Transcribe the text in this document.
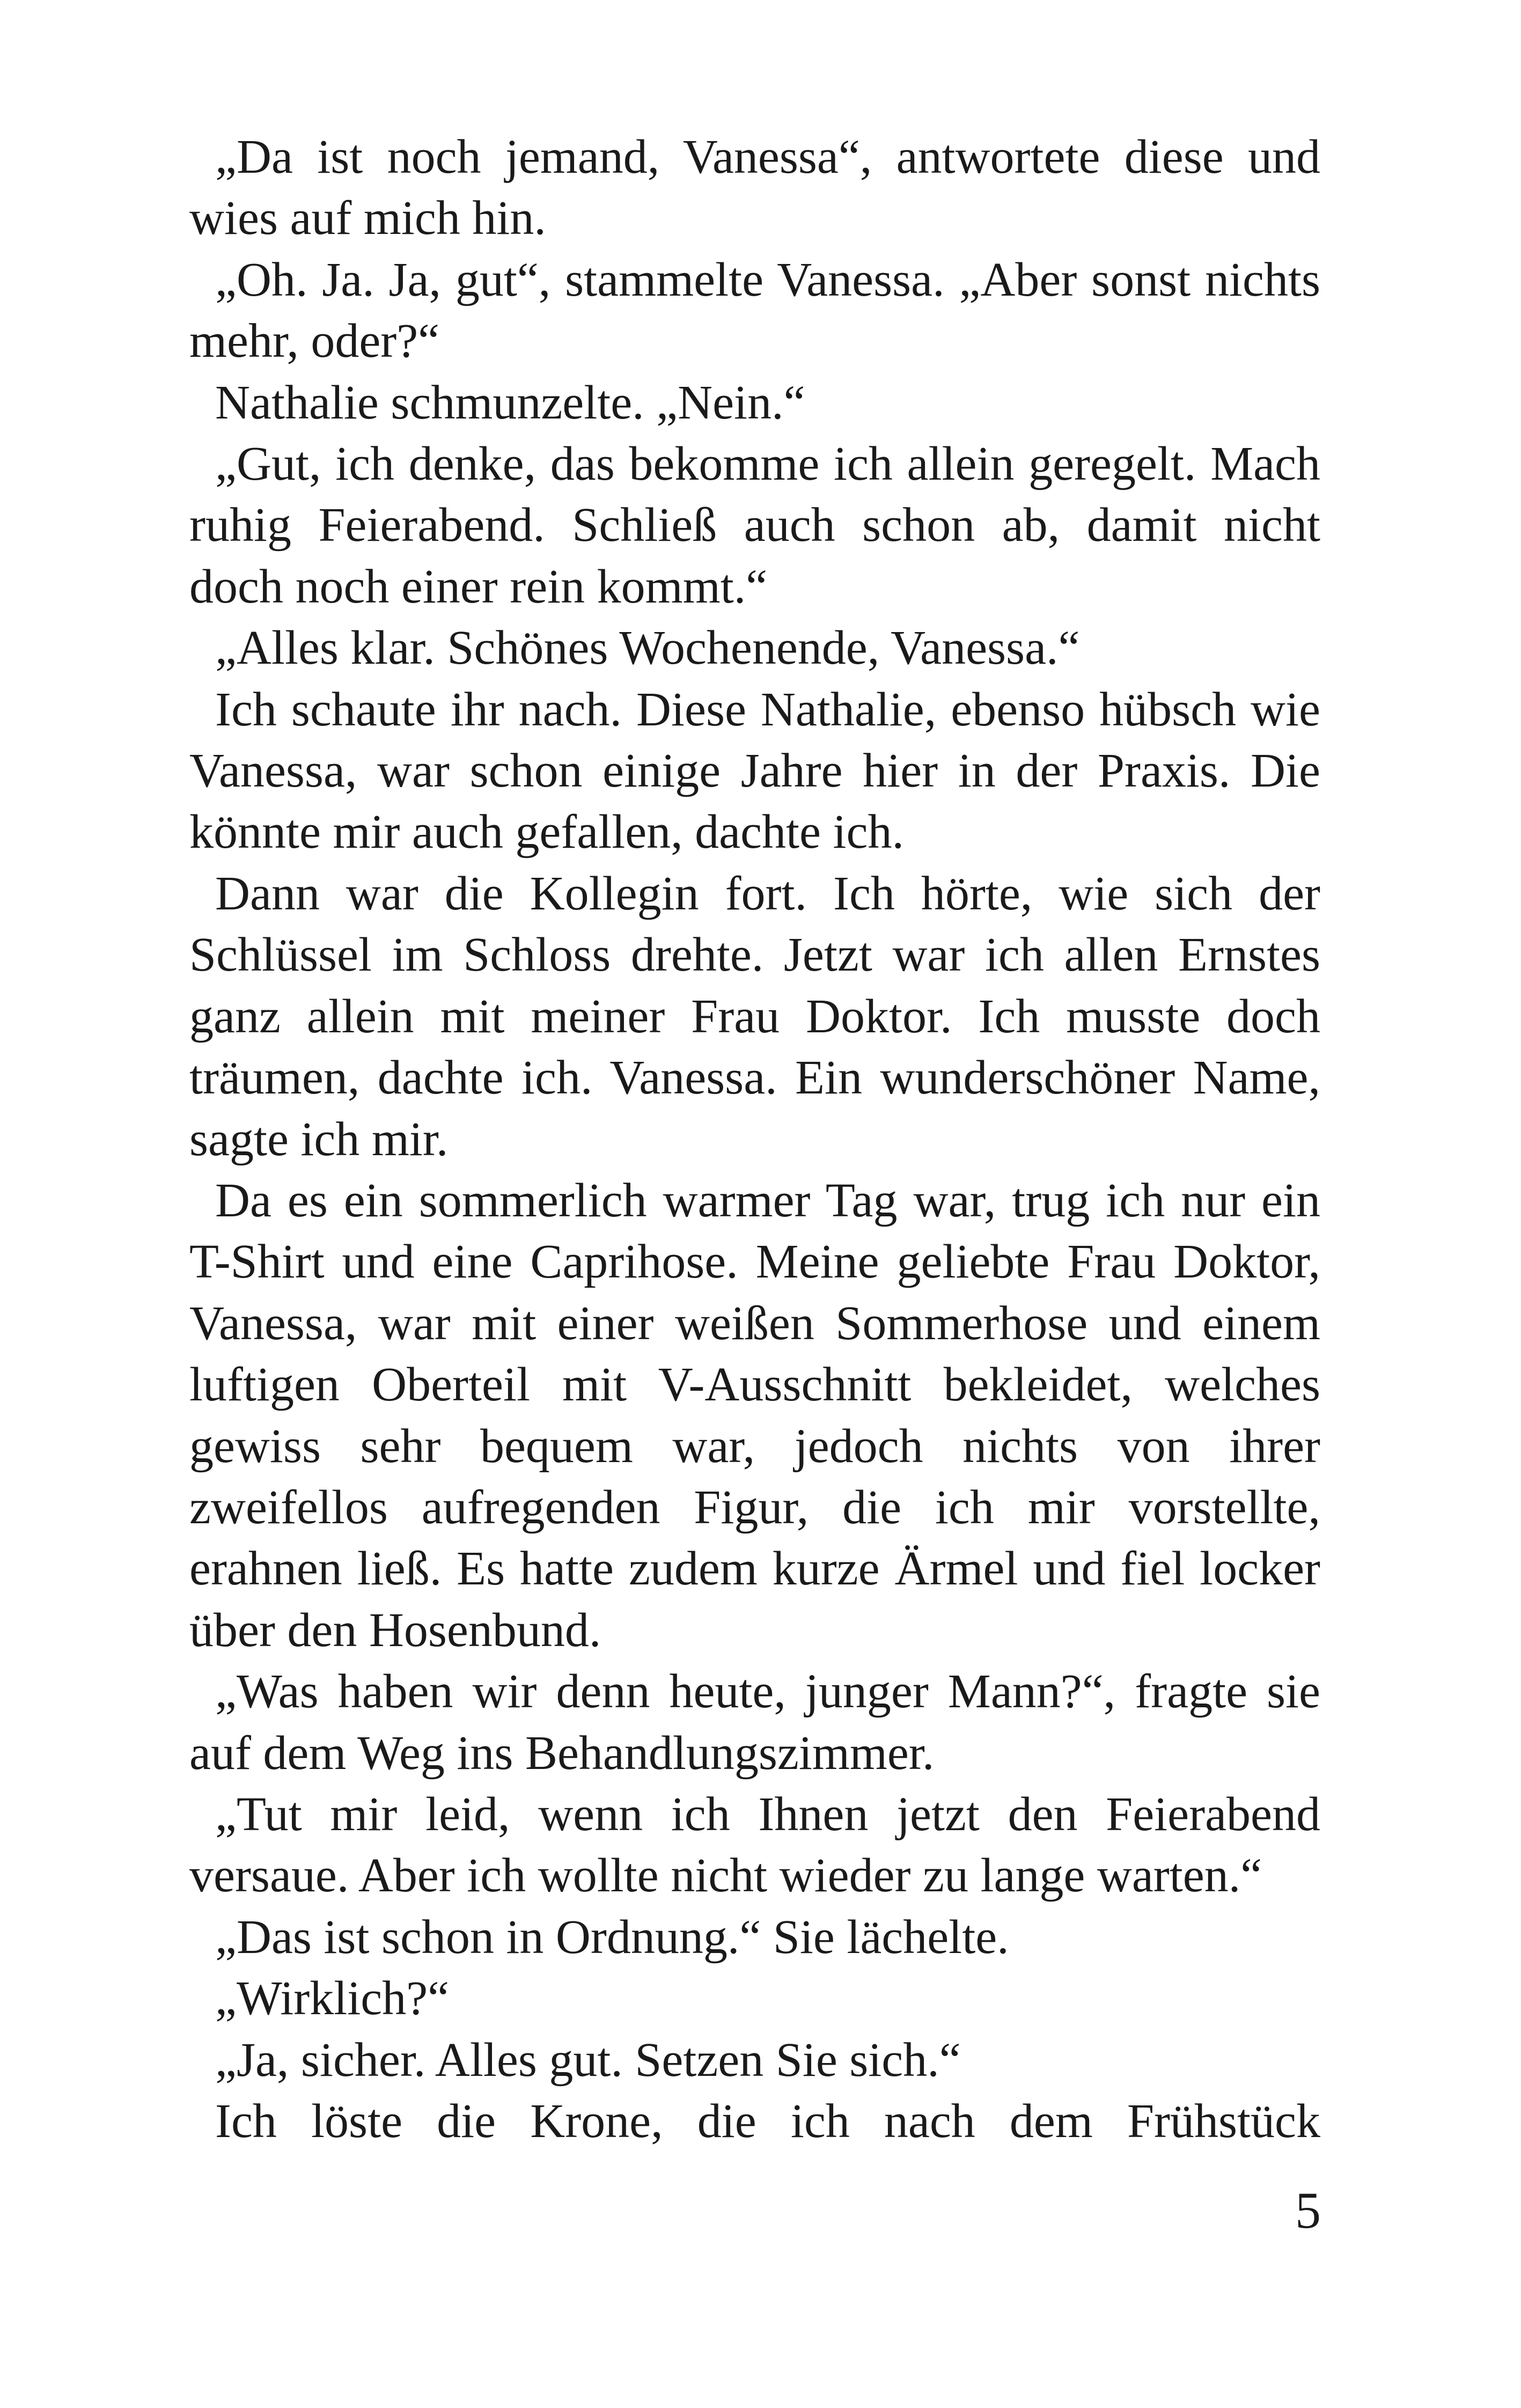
„Da ist noch jemand, Vanessa“, antwortete diese und wies auf mich hin.

„Oh. Ja. Ja, gut“, stammelte Vanessa. „Aber sonst nichts mehr, oder?“

Nathalie schmunzelte. „Nein.“

„Gut, ich denke, das bekomme ich allein geregelt. Mach ruhig Feierabend. Schließ auch schon ab, damit nicht doch noch einer rein kommt.“

„Alles klar. Schönes Wochenende, Vanessa.“

Ich schaute ihr nach. Diese Nathalie, ebenso hübsch wie Vanessa, war schon einige Jahre hier in der Praxis. Die könnte mir auch gefallen, dachte ich.

Dann war die Kollegin fort. Ich hörte, wie sich der Schlüssel im Schloss drehte. Jetzt war ich allen Ernstes ganz allein mit meiner Frau Doktor. Ich musste doch träumen, dachte ich. Vanessa. Ein wunderschöner Name, sagte ich mir.

Da es ein sommerlich warmer Tag war, trug ich nur ein T-Shirt und eine Caprihose. Meine geliebte Frau Doktor, Vanessa, war mit einer weißen Sommerhose und einem luftigen Oberteil mit V-Ausschnitt bekleidet, welches gewiss sehr bequem war, jedoch nichts von ihrer zweifellos aufregenden Figur, die ich mir vorstellte, erahnen ließ. Es hatte zudem kurze Ärmel und fiel locker über den Hosenbund.

„Was haben wir denn heute, junger Mann?“, fragte sie auf dem Weg ins Behandlungszimmer.

„Tut mir leid, wenn ich Ihnen jetzt den Feierabend versaue. Aber ich wollte nicht wieder zu lange warten.“

„Das ist schon in Ordnung.“ Sie lächelte.

„Wirklich?“

„Ja, sicher. Alles gut. Setzen Sie sich.“

Ich löste die Krone, die ich nach dem Frühstück

5
